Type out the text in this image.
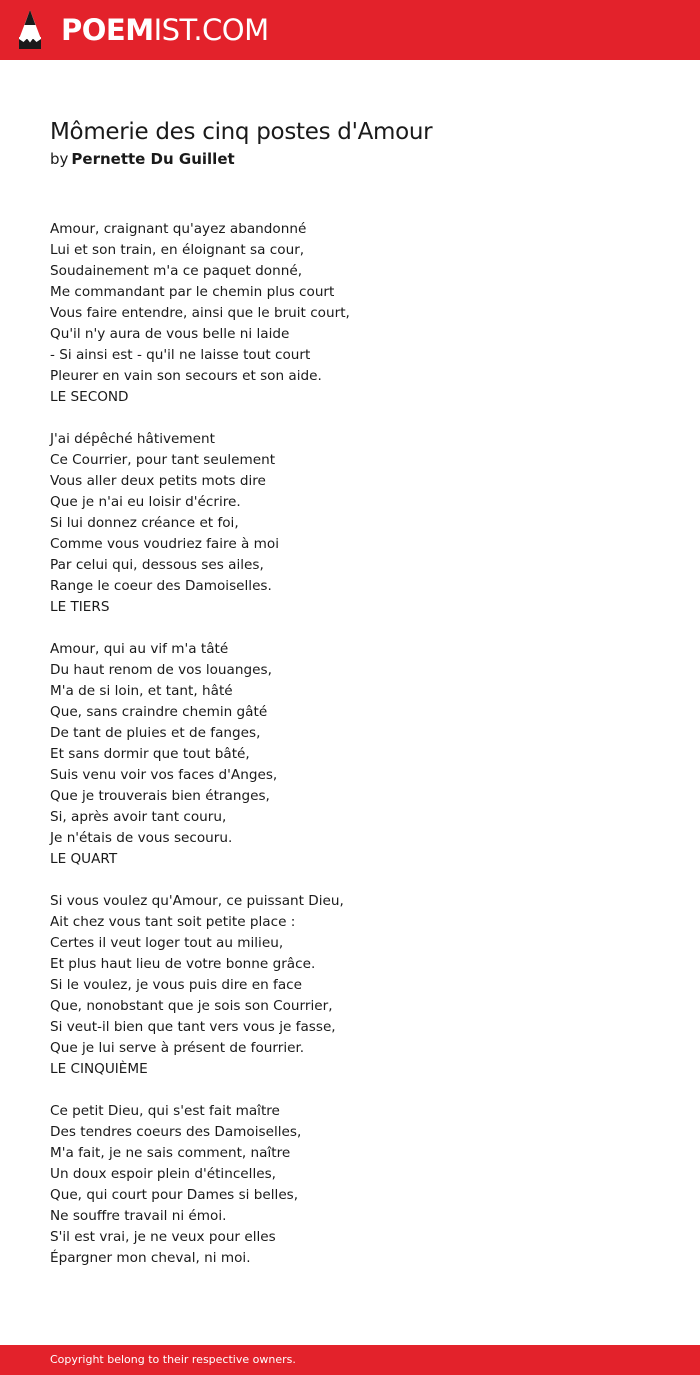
POEMIST.COM
Mômerie des cinq postes d'Amour
by Pernette Du Guillet
Amour, craignant qu'ayez abandonné
Lui et son train, en éloignant sa cour,
Soudainement m'a ce paquet donné,
Me commandant par le chemin plus court
Vous faire entendre, ainsi que le bruit court,
Qu'il n'y aura de vous belle ni laide
- Si ainsi est - qu'il ne laisse tout court
Pleurer en vain son secours et son aide.
LE SECOND
J'ai dépêché hâtivement
Ce Courrier, pour tant seulement
Vous aller deux petits mots dire
Que je n'ai eu loisir d'écrire.
Si lui donnez créance et foi,
Comme vous voudriez faire à moi
Par celui qui, dessous ses ailes,
Range le coeur des Damoiselles.
LE TIERS
Amour, qui au vif m'a tâté
Du haut renom de vos louanges,
M'a de si loin, et tant, hâté
Que, sans craindre chemin gâté
De tant de pluies et de fanges,
Et sans dormir que tout bâté,
Suis venu voir vos faces d'Anges,
Que je trouverais bien étranges,
Si, après avoir tant couru,
Je n'étais de vous secouru.
LE QUART
Si vous voulez qu'Amour, ce puissant Dieu,
Ait chez vous tant soit petite place :
Certes il veut loger tout au milieu,
Et plus haut lieu de votre bonne grâce.
Si le voulez, je vous puis dire en face
Que, nonobstant que je sois son Courrier,
Si veut-il bien que tant vers vous je fasse,
Que je lui serve à présent de fourrier.
LE CINQUIÈME
Ce petit Dieu, qui s'est fait maître
Des tendres coeurs des Damoiselles,
M'a fait, je ne sais comment, naître
Un doux espoir plein d'étincelles,
Que, qui court pour Dames si belles,
Ne souffre travail ni émoi.
S'il est vrai, je ne veux pour elles
Épargner mon cheval, ni moi.
Copyright belong to their respective owners.
